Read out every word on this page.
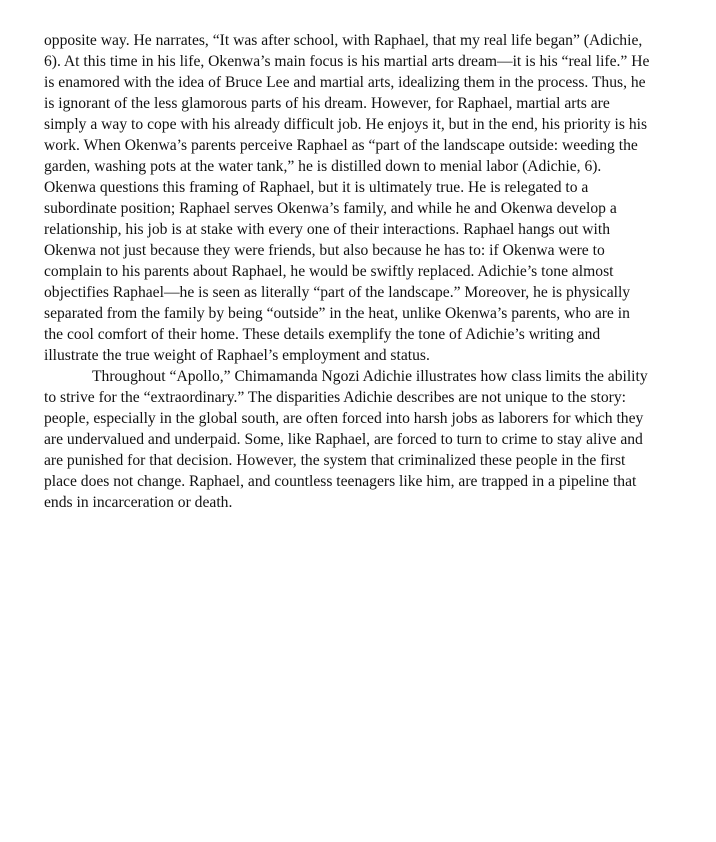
opposite way. He narrates, “It was after school, with Raphael, that my real life began” (Adichie,
6). At this time in his life, Okenwa’s main focus is his martial arts dream—it is his “real life.” He
is enamored with the idea of Bruce Lee and martial arts, idealizing them in the process. Thus, he
is ignorant of the less glamorous parts of his dream. However, for Raphael, martial arts are
simply a way to cope with his already difficult job. He enjoys it, but in the end, his priority is his
work. When Okenwa’s parents perceive Raphael as “part of the landscape outside: weeding the
garden, washing pots at the water tank,” he is distilled down to menial labor (Adichie, 6).
Okenwa questions this framing of Raphael, but it is ultimately true. He is relegated to a
subordinate position; Raphael serves Okenwa’s family, and while he and Okenwa develop a
relationship, his job is at stake with every one of their interactions. Raphael hangs out with
Okenwa not just because they were friends, but also because he has to: if Okenwa were to
complain to his parents about Raphael, he would be swiftly replaced. Adichie’s tone almost
objectifies Raphael—he is seen as literally “part of the landscape.” Moreover, he is physically
separated from the family by being “outside” in the heat, unlike Okenwa’s parents, who are in
the cool comfort of their home. These details exemplify the tone of Adichie’s writing and
illustrate the true weight of Raphael’s employment and status.
Throughout “Apollo,” Chimamanda Ngozi Adichie illustrates how class limits the ability
to strive for the “extraordinary.” The disparities Adichie describes are not unique to the story:
people, especially in the global south, are often forced into harsh jobs as laborers for which they
are undervalued and underpaid. Some, like Raphael, are forced to turn to crime to stay alive and
are punished for that decision. However, the system that criminalized these people in the first
place does not change. Raphael, and countless teenagers like him, are trapped in a pipeline that
ends in incarceration or death.
